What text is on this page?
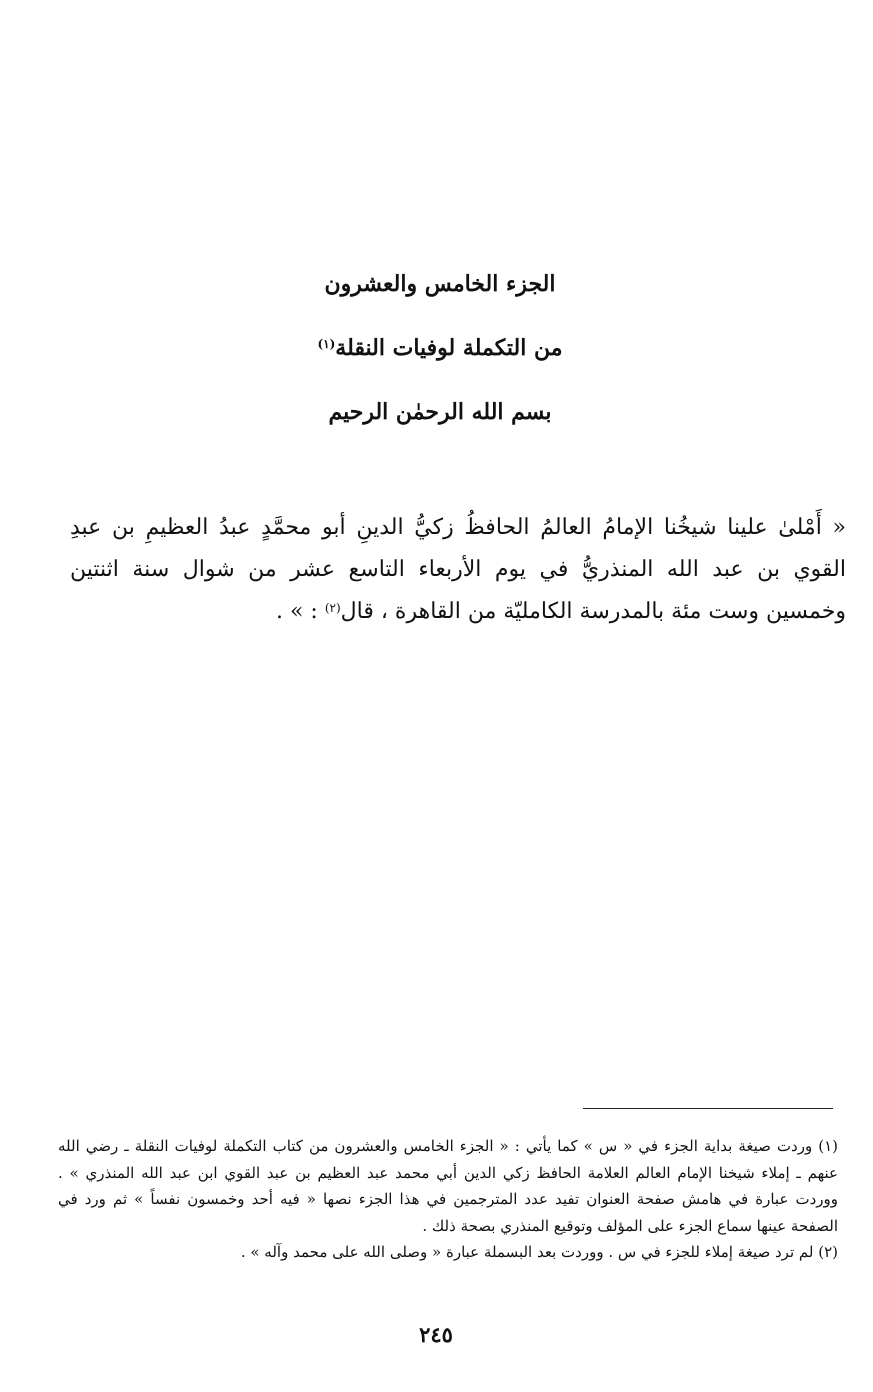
الجزء الخامس والعشرون
من التكملة لوفيات النقلة$^{(١)}$
بسم الله الرحمٰن الرحيم
« أَمْلىٰ علينا شيخُنا الإمامُ العالمُ الحافظُ زكيُّ الدينِ أبو محمَّدٍ عبدُ العظيمِ بن عبدِ القوي بن عبد الله المنذريُّ في يوم الأربعاء التاسع عشر من شوال سنة اثنتين وخمسين وست مئة بالمدرسة الكامليّة من القاهرة ، قال$^{(٢)}$ : » .

(١) وردت صيغة بداية الجزء في « س » كما يأتي : « الجزء الخامس والعشرون من كتاب التكملة لوفيات النقلة ـ رضي الله عنهم ـ إملاء شيخنا الإمام العالم العلامة الحافظ زكي الدين أبي محمد عبد العظيم بن عبد القوي ابن عبد الله المنذري » . ووردت عبارة في هامش صفحة العنوان تفيد عدد المترجمين في هذا الجزء نصها « فيه أحد وخمسون نفساً » ثم ورد في الصفحة عينها سماع الجزء على المؤلف وتوقيع المنذري بصحة ذلك .

(٢) لم ترد صيغة إملاء للجزء في س . ووردت بعد البسملة عبارة « وصلى الله على محمد وآله » .

٢٤٥
